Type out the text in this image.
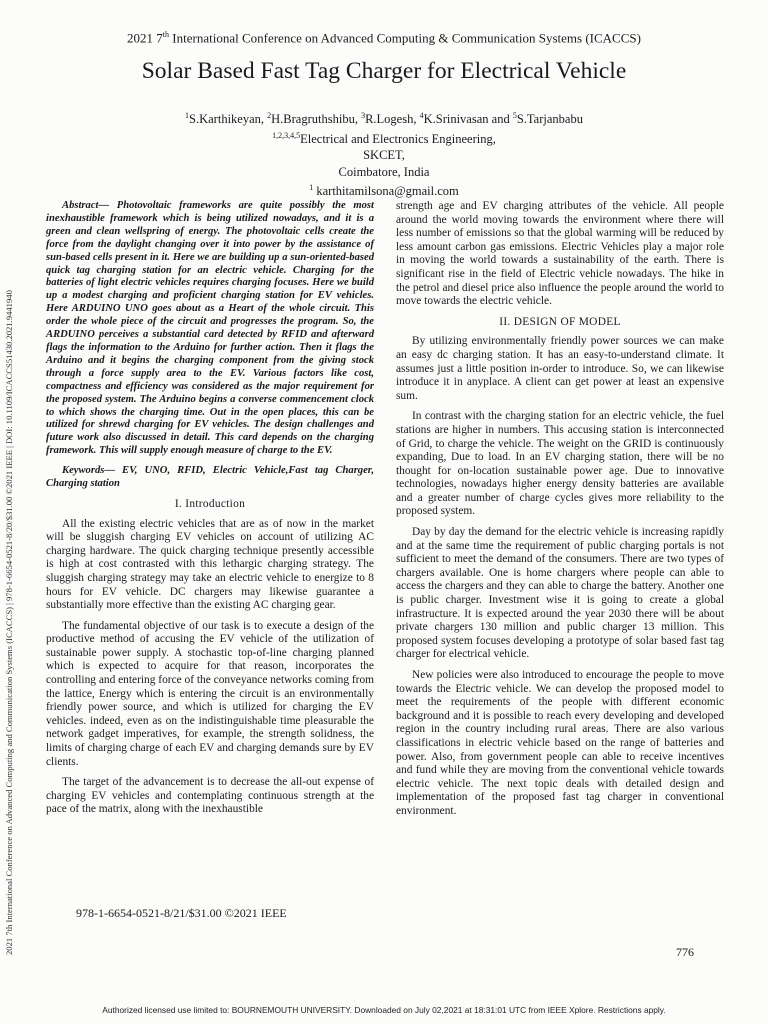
2021 7th International Conference on Advanced Computing & Communication Systems (ICACCS)
Solar Based Fast Tag Charger for Electrical Vehicle
$^1$S.Karthikeyan, $^2$H.Bragruthshibu, $^3$R.Logesh, $^4$K.Srinivasan and $^5$S.Tarjanbabu
$^{1,2,3,4,5}$Electrical and Electronics Engineering,
SKCET,
Coimbatore, India
$^1$ karthitamilsona@gmail.com
2021 7th International Conference on Advanced Computing and Communication Systems (ICACCS) | 978-1-6654-0521-8/20/$31.00 ©2021 IEEE | DOI: 10.1109/ICACCS51430.2021.9441940

Abstract— Photovoltaic frameworks are quite possibly the most inexhaustible framework which is being utilized nowadays, and it is a green and clean wellspring of energy. The photovoltaic cells create the force from the daylight changing over it into power by the assistance of sun-based cells present in it. Here we are building up a sun-oriented-based quick tag charging station for an electric vehicle. Charging for the batteries of light electric vehicles requires charging focuses. Here we build up a modest charging and proficient charging station for EV vehicles. Here ARDUINO UNO goes about as a Heart of the whole circuit. This order the whole piece of the circuit and progresses the program. So, the ARDUINO perceives a substantial card detected by RFID and afterward flags the information to the Arduino for further action. Then it flags the Arduino and it begins the charging component from the giving stock through a force supply area to the EV. Various factors like cost, compactness and efficiency was considered as the major requirement for the proposed system. The Arduino begins a converse commencement clock to which shows the charging time. Out in the open places, this can be utilized for shrewd charging for EV vehicles. The design challenges and future work also discussed in detail. This card depends on the charging framework. This will supply enough measure of charge to the EV.

Keywords— EV, UNO, RFID, Electric Vehicle,Fast tag Charger, Charging station

I. Introduction

All the existing electric vehicles that are as of now in the market will be sluggish charging EV vehicles on account of utilizing AC charging hardware. The quick charging technique presently accessible is high at cost contrasted with this lethargic charging strategy. The sluggish charging strategy may take an electric vehicle to energize to 8 hours for EV vehicle. DC chargers may likewise guarantee a substantially more effective than the existing AC charging gear.

The fundamental objective of our task is to execute a design of the productive method of accusing the EV vehicle of the utilization of sustainable power supply. A stochastic top-of-line charging planned which is expected to acquire for that reason, incorporates the controlling and entering force of the conveyance networks coming from the lattice, Energy which is entering the circuit is an environmentally friendly power source, and which is utilized for charging the EV vehicles. indeed, even as on the indistinguishable time pleasurable the network gadget imperatives, for example, the strength solidness, the limits of charging charge of each EV and charging demands sure by EV clients.

The target of the advancement is to decrease the all-out expense of charging EV vehicles and contemplating continuous strength at the pace of the matrix, along with the inexhaustible

strength age and EV charging attributes of the vehicle. All people around the world moving towards the environment where there will less number of emissions so that the global warming will be reduced by less amount carbon gas emissions. Electric Vehicles play a major role in moving the world towards a sustainability of the earth. There is significant rise in the field of Electric vehicle nowadays. The hike in the petrol and diesel price also influence the people around the world to move towards the electric vehicle.

II. DESIGN OF MODEL

By utilizing environmentally friendly power sources we can make an easy dc charging station. It has an easy-to-understand climate. It assumes just a little position in-order to introduce. So, we can likewise introduce it in anyplace. A client can get power at least an expensive sum.

In contrast with the charging station for an electric vehicle, the fuel stations are higher in numbers. This accusing station is interconnected of Grid, to charge the vehicle. The weight on the GRID is continuously expanding, Due to load. In an EV charging station, there will be no thought for on-location sustainable power age. Due to innovative technologies, nowadays higher energy density batteries are available and a greater number of charge cycles gives more reliability to the proposed system.

Day by day the demand for the electric vehicle is increasing rapidly and at the same time the requirement of public charging portals is not sufficient to meet the demand of the consumers. There are two types of chargers available. One is home chargers where people can able to access the chargers and they can able to charge the battery. Another one is public charger. Investment wise it is going to create a global infrastructure. It is expected around the year 2030 there will be about private chargers 130 million and public charger 13 million. This proposed system focuses developing a prototype of solar based fast tag charger for electrical vehicle.

New policies were also introduced to encourage the people to move towards the Electric vehicle. We can develop the proposed model to meet the requirements of the people with different economic background and it is possible to reach every developing and developed region in the country including rural areas. There are also various classifications in electric vehicle based on the range of batteries and power. Also, from government people can able to receive incentives and fund while they are moving from the conventional vehicle towards electric vehicle. The next topic deals with detailed design and implementation of the proposed fast tag charger in conventional environment.

978-1-6654-0521-8/21/$31.00 ©2021 IEEE
776
Authorized licensed use limited to: BOURNEMOUTH UNIVERSITY. Downloaded on July 02,2021 at 18:31:01 UTC from IEEE Xplore. Restrictions apply.
